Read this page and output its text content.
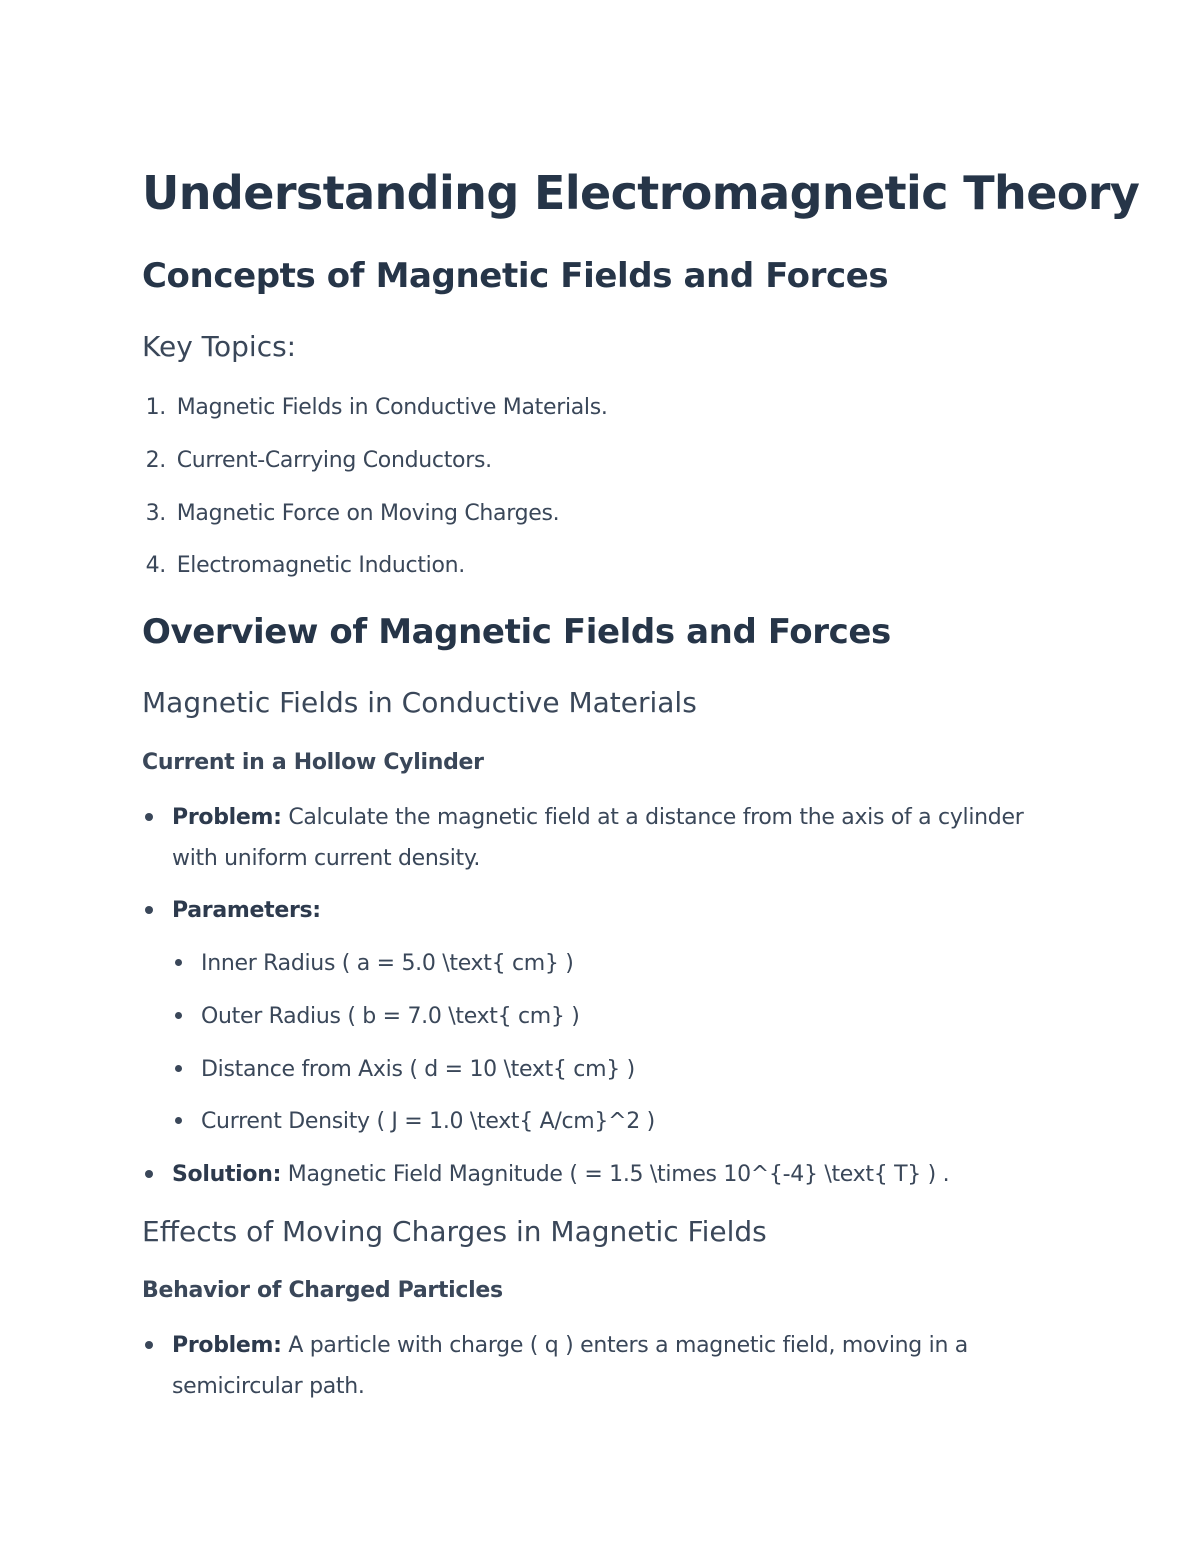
Understanding Electromagnetic Theory
Concepts of Magnetic Fields and Forces
Key Topics:
1. Magnetic Fields in Conductive Materials.
2. Current-Carrying Conductors.
3. Magnetic Force on Moving Charges.
4. Electromagnetic Induction.
Overview of Magnetic Fields and Forces
Magnetic Fields in Conductive Materials
Current in a Hollow Cylinder
Problem: Calculate the magnetic field at a distance from the axis of a cylinder with uniform current density.
Parameters:
Inner Radius ( a = 5.0 \text{ cm} )
Outer Radius ( b = 7.0 \text{ cm} )
Distance from Axis ( d = 10 \text{ cm} )
Current Density ( J = 1.0 \text{ A/cm}^2 )
Solution: Magnetic Field Magnitude ( = 1.5 \times 10^{-4} \text{ T} ) .
Effects of Moving Charges in Magnetic Fields
Behavior of Charged Particles
Problem: A particle with charge ( q ) enters a magnetic field, moving in a semicircular path.
